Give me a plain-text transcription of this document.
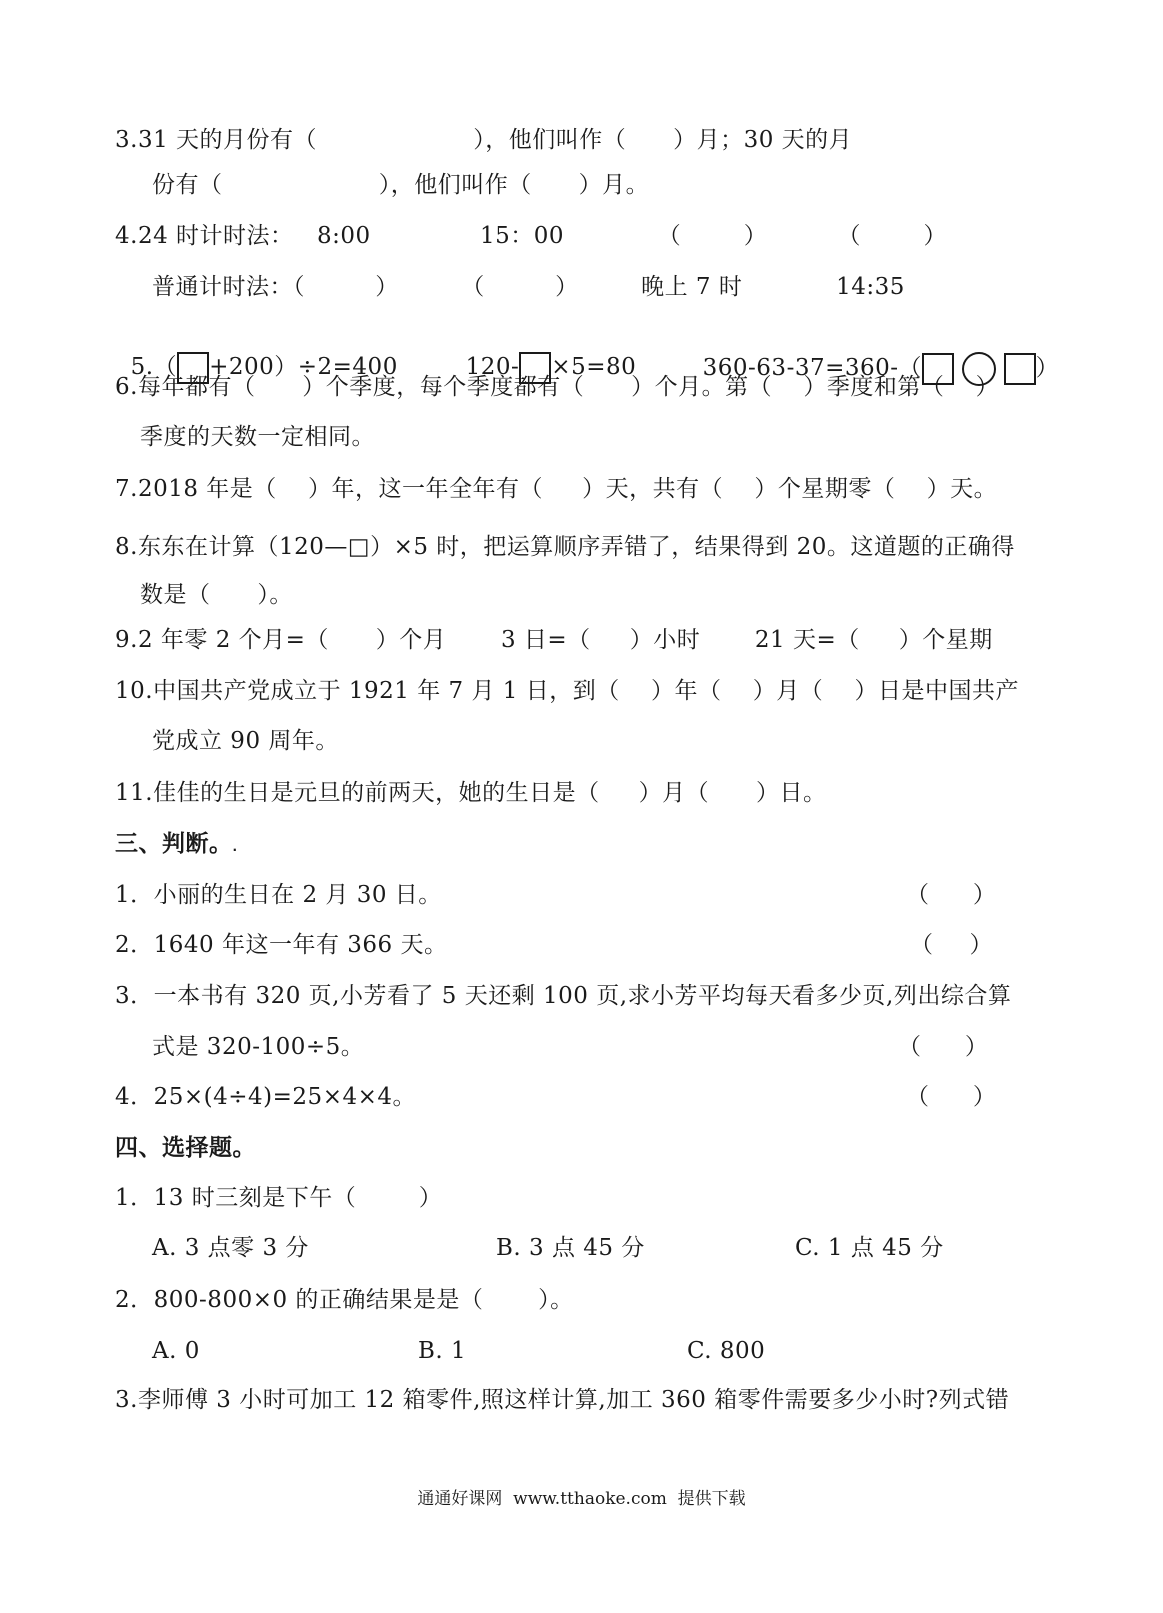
3.31 天的月份有（                    ），他们叫作（      ）月；30 天的月
份有（                    ），他们叫作（      ）月。
4.24 时计时法：   8:00              15：00            （        ）         （        ）
普通计时法：（         ）        （         ）        晚上 7 时            14:35

5.（ +200）÷2=400	120- ×5=80	360-63-37=360-（	）

6.每年都有（      ）个季度，每个季度都有（      ）个月。第（    ）季度和第（    ）
季度的天数一定相同。
7.2018 年是（    ）年，这一年全年有（     ）天，共有（    ）个星期零（    ）天。
8.东东在计算（120—□）×5 时，把运算顺序弄错了，结果得到 20。这道题的正确得
数是（      ）。
9.2 年零 2 个月=（      ）个月       3 日=（     ）小时       21 天=（     ）个星期
10.中国共产党成立于 1921 年 7 月 1 日，到（    ）年（    ）月（    ）日是中国共产
党成立 90 周年。
11.佳佳的生日是元旦的前两天，她的生日是（     ）月（      ）日。
三、判断。.
1．小丽的生日在 2 月 30 日。	（      ）
2．1640 年这一年有 366 天。	（     ）
3．一本书有 320 页,小芳看了 5 天还剩 100 页,求小芳平均每天看多少页,列出综合算
式是 320-100÷5。	（      ）
4．25×(4÷4)=25×4×4。	（      ）
四、选择题。
1．13 时三刻是下午（        ）
A. 3 点零 3 分	B. 3 点 45 分	C. 1 点 45 分
2．800-800×0 的正确结果是是（       ）。
A. 0	B. 1	C. 800
3.李师傅 3 小时可加工 12 箱零件,照这样计算,加工 360 箱零件需要多少小时?列式错
通通好课网  www.tthaoke.com  提供下载
